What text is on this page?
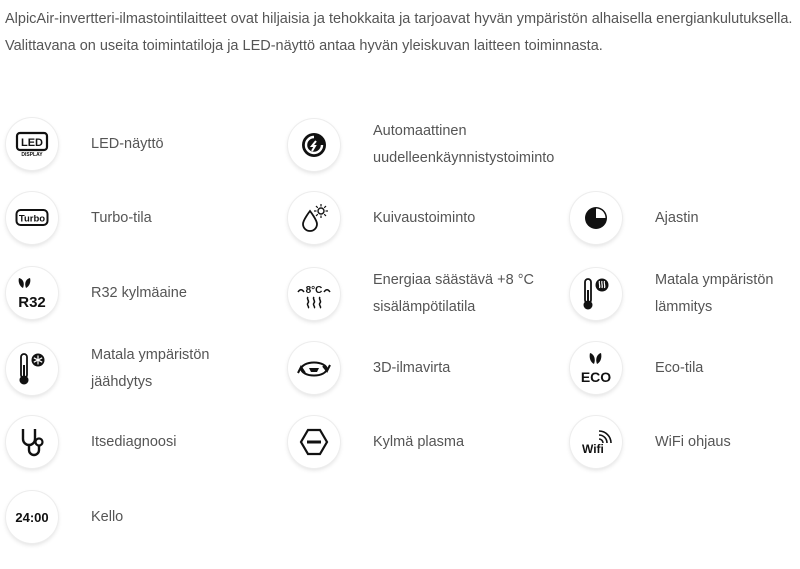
AlpicAir-invertteri-ilmastointilaitteet ovat hiljaisia ja tehokkaita ja tarjoavat hyvän ympäristön alhaisella energiankulutuksella. Valittavana on useita toimintatiloja ja LED-näyttö antaa hyvän yleiskuvan laitteen toiminnasta.

LED
DISPLAY
LED-näyttö
Automaattinen uudelleenkäynnistystoiminto
Turbo	Turbo-tila	Kuivaustoiminto	Ajastin
R32
R32 kylmäaine	8°C
Energiaa säästävä +8 °C sisälämpötilatila
Matala ympäristön lämmitys
Matala ympäristön jäähdytys
3D-ilmavirta
ECO
Eco-tila
Itsediagnoosi	Kylmä plasma	Wifi	WiFi ohjaus
24:00	Kello
